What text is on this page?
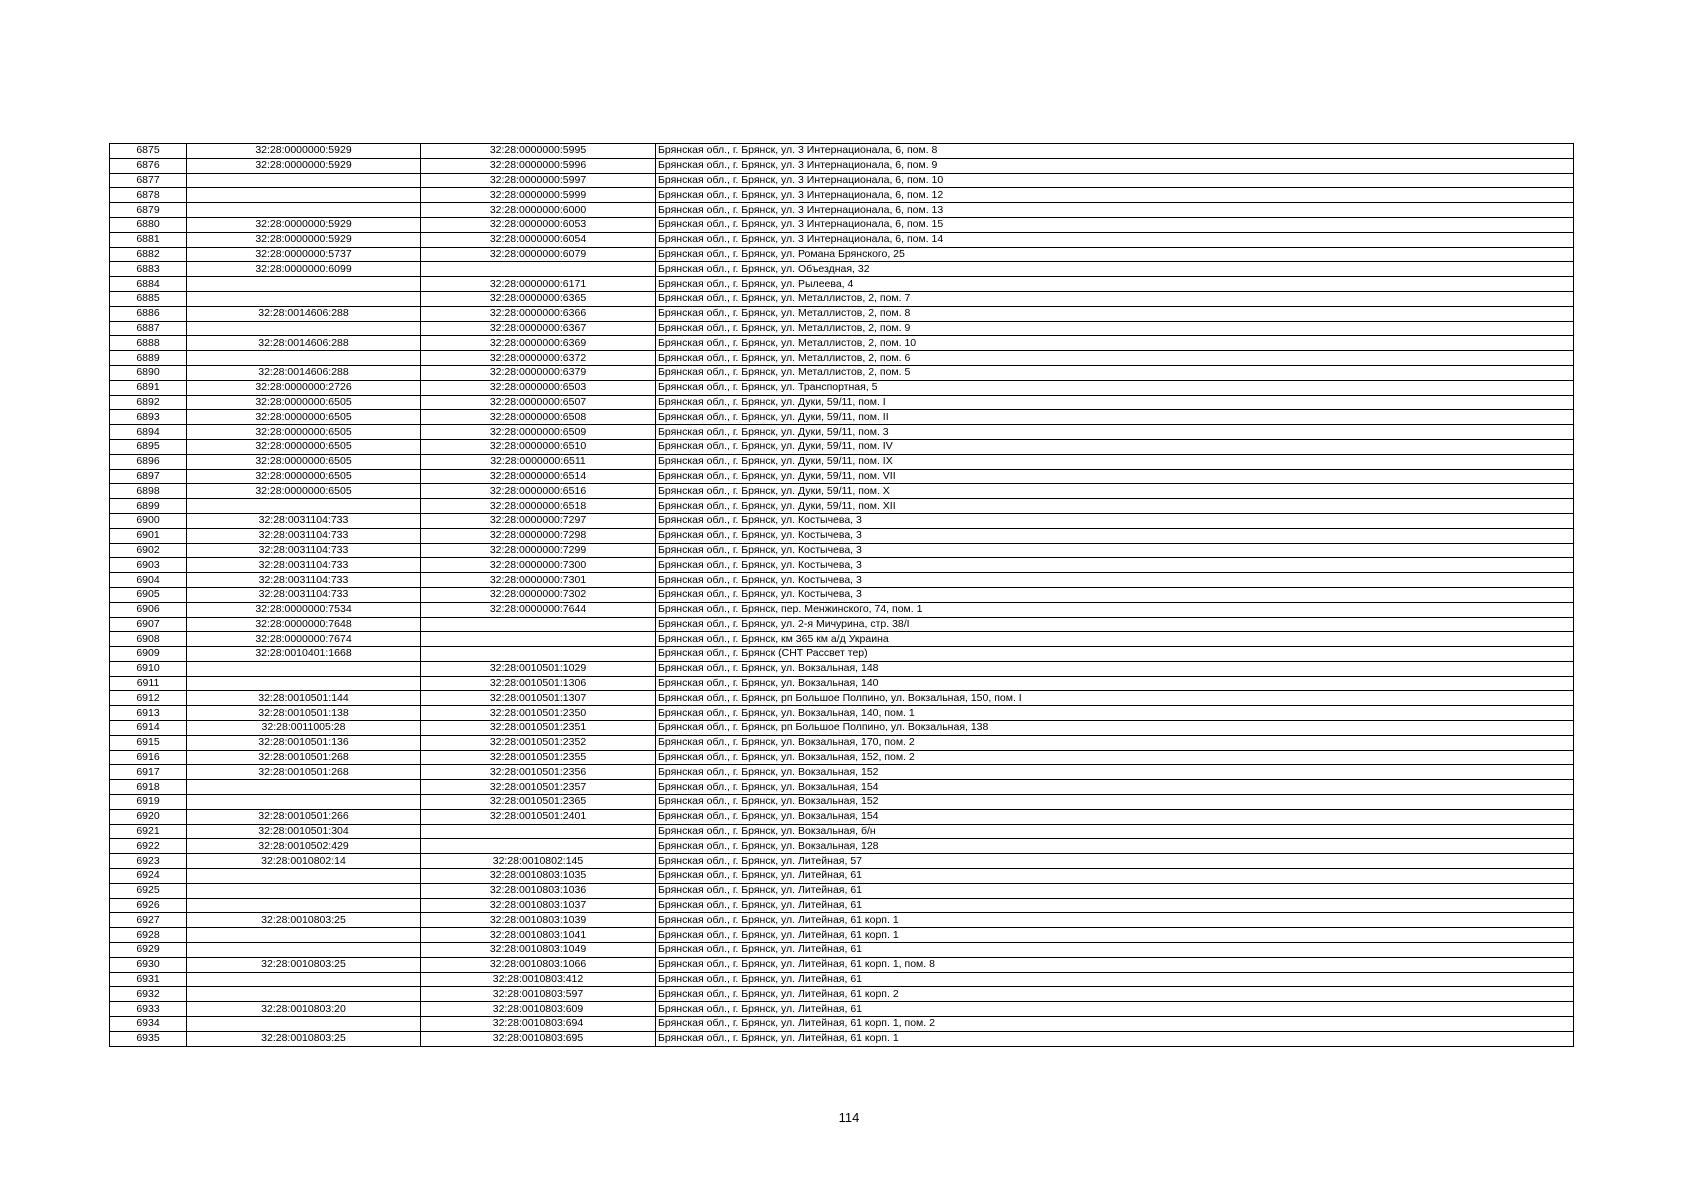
6875	32:28:0000000:5929	32:28:0000000:5995	Брянская обл., г. Брянск, ул. 3 Интернационала, 6, пом. 8
6876	32:28:0000000:5929	32:28:0000000:5996	Брянская обл., г. Брянск, ул. 3 Интернационала, 6, пом. 9
6877		32:28:0000000:5997	Брянская обл., г. Брянск, ул. 3 Интернационала, 6, пом. 10
6878		32:28:0000000:5999	Брянская обл., г. Брянск, ул. 3 Интернационала, 6, пом. 12
6879		32:28:0000000:6000	Брянская обл., г. Брянск, ул. 3 Интернационала, 6, пом. 13
6880	32:28:0000000:5929	32:28:0000000:6053	Брянская обл., г. Брянск, ул. 3 Интернационала, 6, пом. 15
6881	32:28:0000000:5929	32:28:0000000:6054	Брянская обл., г. Брянск, ул. 3 Интернационала, 6, пом. 14
6882	32:28:0000000:5737	32:28:0000000:6079	Брянская обл., г. Брянск, ул. Романа Брянского, 25
6883	32:28:0000000:6099		Брянская обл., г. Брянск, ул. Объездная, 32
6884		32:28:0000000:6171	Брянская обл., г. Брянск, ул. Рылеева, 4
6885		32:28:0000000:6365	Брянская обл., г. Брянск, ул. Металлистов, 2, пом. 7
6886	32:28:0014606:288	32:28:0000000:6366	Брянская обл., г. Брянск, ул. Металлистов, 2, пом. 8
6887		32:28:0000000:6367	Брянская обл., г. Брянск, ул. Металлистов, 2, пом. 9
6888	32:28:0014606:288	32:28:0000000:6369	Брянская обл., г. Брянск, ул. Металлистов, 2, пом. 10
6889		32:28:0000000:6372	Брянская обл., г. Брянск, ул. Металлистов, 2, пом. 6
6890	32:28:0014606:288	32:28:0000000:6379	Брянская обл., г. Брянск, ул. Металлистов, 2, пом. 5
6891	32:28:0000000:2726	32:28:0000000:6503	Брянская обл., г. Брянск, ул. Транспортная, 5
6892	32:28:0000000:6505	32:28:0000000:6507	Брянская обл., г. Брянск, ул. Дуки, 59/11, пом. I
6893	32:28:0000000:6505	32:28:0000000:6508	Брянская обл., г. Брянск, ул. Дуки, 59/11, пом. II
6894	32:28:0000000:6505	32:28:0000000:6509	Брянская обл., г. Брянск, ул. Дуки, 59/11, пом. 3
6895	32:28:0000000:6505	32:28:0000000:6510	Брянская обл., г. Брянск, ул. Дуки, 59/11, пом. IV
6896	32:28:0000000:6505	32:28:0000000:6511	Брянская обл., г. Брянск, ул. Дуки, 59/11, пом. IX
6897	32:28:0000000:6505	32:28:0000000:6514	Брянская обл., г. Брянск, ул. Дуки, 59/11, пом. VII
6898	32:28:0000000:6505	32:28:0000000:6516	Брянская обл., г. Брянск, ул. Дуки, 59/11, пом. X
6899		32:28:0000000:6518	Брянская обл., г. Брянск, ул. Дуки, 59/11, пом. XII
6900	32:28:0031104:733	32:28:0000000:7297	Брянская обл., г. Брянск, ул. Костычева, 3
6901	32:28:0031104:733	32:28:0000000:7298	Брянская обл., г. Брянск, ул. Костычева, 3
6902	32:28:0031104:733	32:28:0000000:7299	Брянская обл., г. Брянск, ул. Костычева, 3
6903	32:28:0031104:733	32:28:0000000:7300	Брянская обл., г. Брянск, ул. Костычева, 3
6904	32:28:0031104:733	32:28:0000000:7301	Брянская обл., г. Брянск, ул. Костычева, 3
6905	32:28:0031104:733	32:28:0000000:7302	Брянская обл., г. Брянск, ул. Костычева, 3
6906	32:28:0000000:7534	32:28:0000000:7644	Брянская обл., г. Брянск, пер. Менжинского, 74, пом. 1
6907	32:28:0000000:7648		Брянская обл., г. Брянск, ул. 2-я Мичурина, стр. 38/I
6908	32:28:0000000:7674		Брянская обл., г. Брянск, км 365 км а/д Украина
6909	32:28:0010401:1668		Брянская обл., г. Брянск (СНТ Рассвет тер)
6910		32:28:0010501:1029	Брянская обл., г. Брянск, ул. Вокзальная, 148
6911		32:28:0010501:1306	Брянская обл., г. Брянск, ул. Вокзальная, 140
6912	32:28:0010501:144	32:28:0010501:1307	Брянская обл., г. Брянск, рп Большое Полпино, ул. Вокзальная, 150, пом. I
6913	32:28:0010501:138	32:28:0010501:2350	Брянская обл., г. Брянск, ул. Вокзальная, 140, пом. 1
6914	32:28:0011005:28	32:28:0010501:2351	Брянская обл., г. Брянск, рп Большое Полпино, ул. Вокзальная, 138
6915	32:28:0010501:136	32:28:0010501:2352	Брянская обл., г. Брянск, ул. Вокзальная, 170, пом. 2
6916	32:28:0010501:268	32:28:0010501:2355	Брянская обл., г. Брянск, ул. Вокзальная, 152, пом. 2
6917	32:28:0010501:268	32:28:0010501:2356	Брянская обл., г. Брянск, ул. Вокзальная, 152
6918		32:28:0010501:2357	Брянская обл., г. Брянск, ул. Вокзальная, 154
6919		32:28:0010501:2365	Брянская обл., г. Брянск, ул. Вокзальная, 152
6920	32:28:0010501:266	32:28:0010501:2401	Брянская обл., г. Брянск, ул. Вокзальная, 154
6921	32:28:0010501:304		Брянская обл., г. Брянск, ул. Вокзальная, б/н
6922	32:28:0010502:429		Брянская обл., г. Брянск, ул. Вокзальная, 128
6923	32:28:0010802:14	32:28:0010802:145	Брянская обл., г. Брянск, ул. Литейная, 57
6924		32:28:0010803:1035	Брянская обл., г. Брянск, ул. Литейная, 61
6925		32:28:0010803:1036	Брянская обл., г. Брянск, ул. Литейная, 61
6926		32:28:0010803:1037	Брянская обл., г. Брянск, ул. Литейная, 61
6927	32:28:0010803:25	32:28:0010803:1039	Брянская обл., г. Брянск, ул. Литейная, 61 корп. 1
6928		32:28:0010803:1041	Брянская обл., г. Брянск, ул. Литейная, 61 корп. 1
6929		32:28:0010803:1049	Брянская обл., г. Брянск, ул. Литейная, 61
6930	32:28:0010803:25	32:28:0010803:1066	Брянская обл., г. Брянск, ул. Литейная, 61 корп. 1, пом. 8
6931		32:28:0010803:412	Брянская обл., г. Брянск, ул. Литейная, 61
6932		32:28:0010803:597	Брянская обл., г. Брянск, ул. Литейная, 61 корп. 2
6933	32:28:0010803:20	32:28:0010803:609	Брянская обл., г. Брянск, ул. Литейная, 61
6934		32:28:0010803:694	Брянская обл., г. Брянск, ул. Литейная, 61 корп. 1, пом. 2
6935	32:28:0010803:25	32:28:0010803:695	Брянская обл., г. Брянск, ул. Литейная, 61 корп. 1
114
